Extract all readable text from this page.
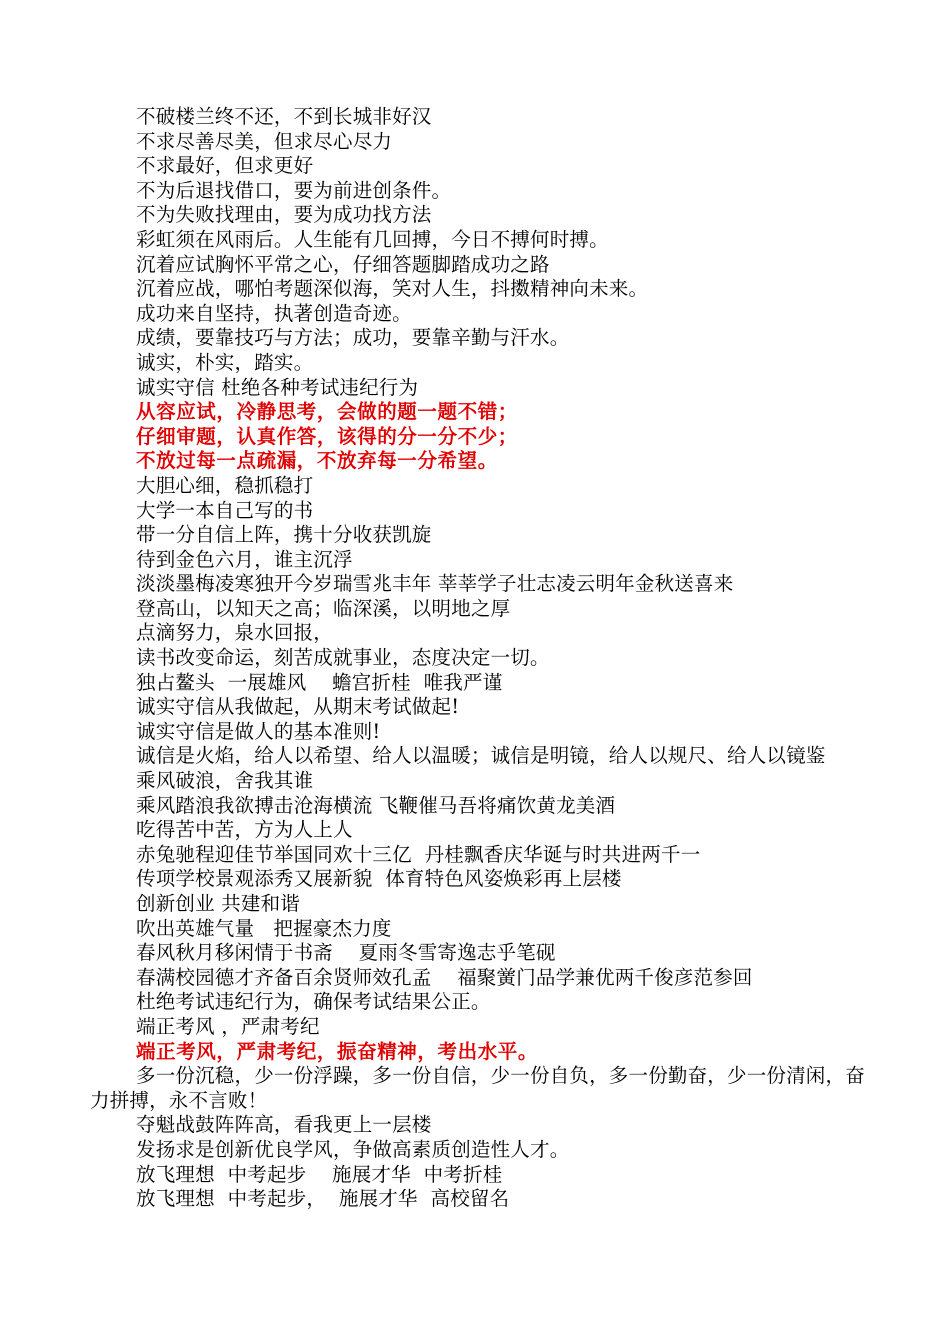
不破楼兰终不还，不到长城非好汉
不求尽善尽美，但求尽心尽力
不求最好，但求更好
不为后退找借口，要为前进创条件。
不为失败找理由，要为成功找方法
彩虹须在风雨后。人生能有几回搏，今日不搏何时搏。
沉着应试胸怀平常之心，仔细答题脚踏成功之路
沉着应战，哪怕考题深似海，笑对人生，抖擞精神向未来。
成功来自坚持，执著创造奇迹。
成绩，要靠技巧与方法；成功，要靠辛勤与汗水。
诚实，朴实，踏实。
诚实守信 杜绝各种考试违纪行为
从容应试，冷静思考，会做的题一题不错；
仔细审题，认真作答，该得的分一分不少；
不放过每一点疏漏，不放弃每一分希望。
大胆心细，稳抓稳打
大学一本自己写的书
带一分自信上阵，携十分收获凯旋
待到金色六月，谁主沉浮
淡淡墨梅凌寒独开今岁瑞雪兆丰年 莘莘学子壮志凌云明年金秋送喜来
登高山，以知天之高；临深溪，以明地之厚
点滴努力，泉水回报，
读书改变命运，刻苦成就事业，态度决定一切。
独占鳌头  一展雄风    蟾宫折桂  唯我严谨
诚实守信从我做起，从期末考试做起!
诚实守信是做人的基本准则!
诚信是火焰，给人以希望、给人以温暖；诚信是明镜，给人以规尺、给人以镜鉴
乘风破浪，舍我其谁
乘风踏浪我欲搏击沧海横流 飞鞭催马吾将痛饮黄龙美酒
吃得苦中苦，方为人上人
赤兔驰程迎佳节举国同欢十三亿  丹桂飘香庆华诞与时共进两千一
传项学校景观添秀又展新貌  体育特色风姿焕彩再上层楼
创新创业 共建和谐
吹出英雄气量   把握豪杰力度
春风秋月移闲情于书斋    夏雨冬雪寄逸志乎笔砚
春满校园德才齐备百余贤师效孔孟    福聚黉门品学兼优两千俊彦范参回
杜绝考试违纪行为，确保考试结果公正。
端正考风 ，严肃考纪
端正考风，严肃考纪，振奋精神，考出水平。
多一份沉稳，少一份浮躁，多一份自信，少一份自负，多一份勤奋，少一份清闲，奋力拼搏，永不言败！
夺魁战鼓阵阵高，看我更上一层楼
发扬求是创新优良学风，争做高素质创造性人才。
放飞理想  中考起步    施展才华  中考折桂
放飞理想  中考起步，  施展才华  高校留名
